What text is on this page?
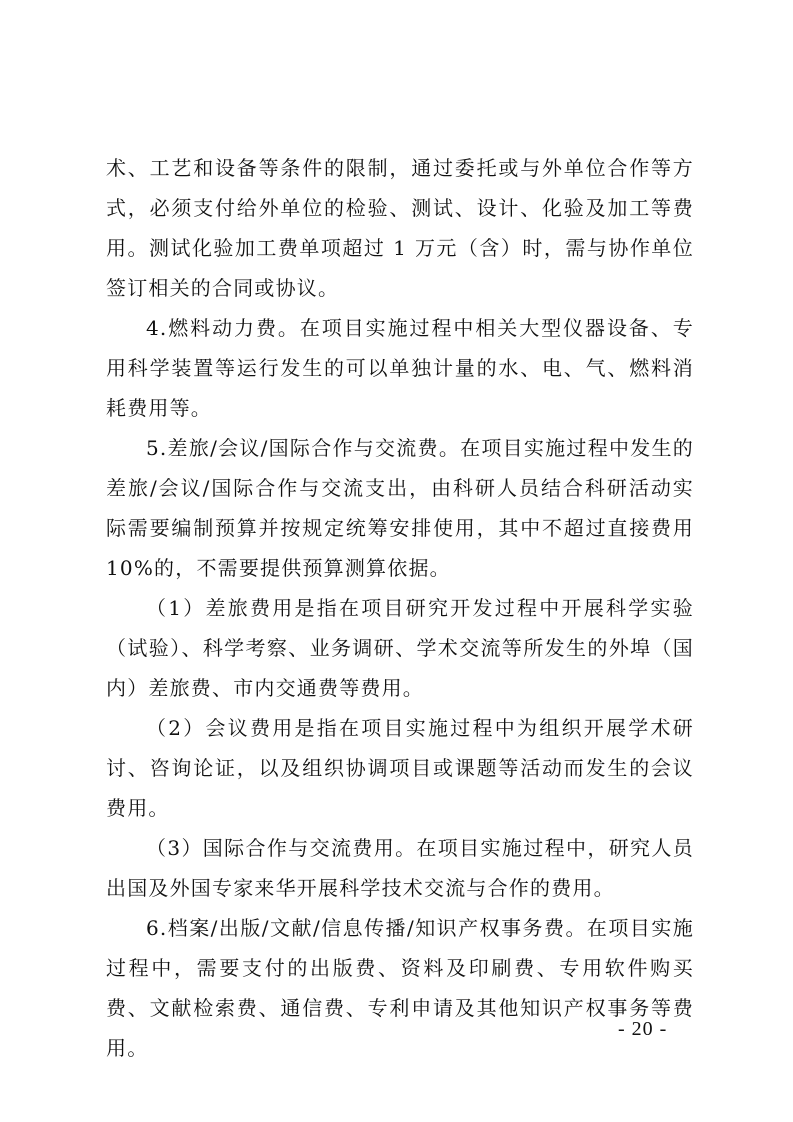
术、工艺和设备等条件的限制，通过委托或与外单位合作等方式，必须支付给外单位的检验、测试、设计、化验及加工等费用。测试化验加工费单项超过 1 万元（含）时，需与协作单位签订相关的合同或协议。

4.燃料动力费。在项目实施过程中相关大型仪器设备、专用科学装置等运行发生的可以单独计量的水、电、气、燃料消耗费用等。

5.差旅/会议/国际合作与交流费。在项目实施过程中发生的差旅/会议/国际合作与交流支出，由科研人员结合科研活动实际需要编制预算并按规定统筹安排使用，其中不超过直接费用 10%的，不需要提供预算测算依据。

（1）差旅费用是指在项目研究开发过程中开展科学实验（试验）、科学考察、业务调研、学术交流等所发生的外埠（国内）差旅费、市内交通费等费用。

（2）会议费用是指在项目实施过程中为组织开展学术研讨、咨询论证，以及组织协调项目或课题等活动而发生的会议费用。

（3）国际合作与交流费用。在项目实施过程中，研究人员出国及外国专家来华开展科学技术交流与合作的费用。

6.档案/出版/文献/信息传播/知识产权事务费。在项目实施过程中，需要支付的出版费、资料及印刷费、专用软件购买费、文献检索费、通信费、专利申请及其他知识产权事务等费用。

- 20 -
